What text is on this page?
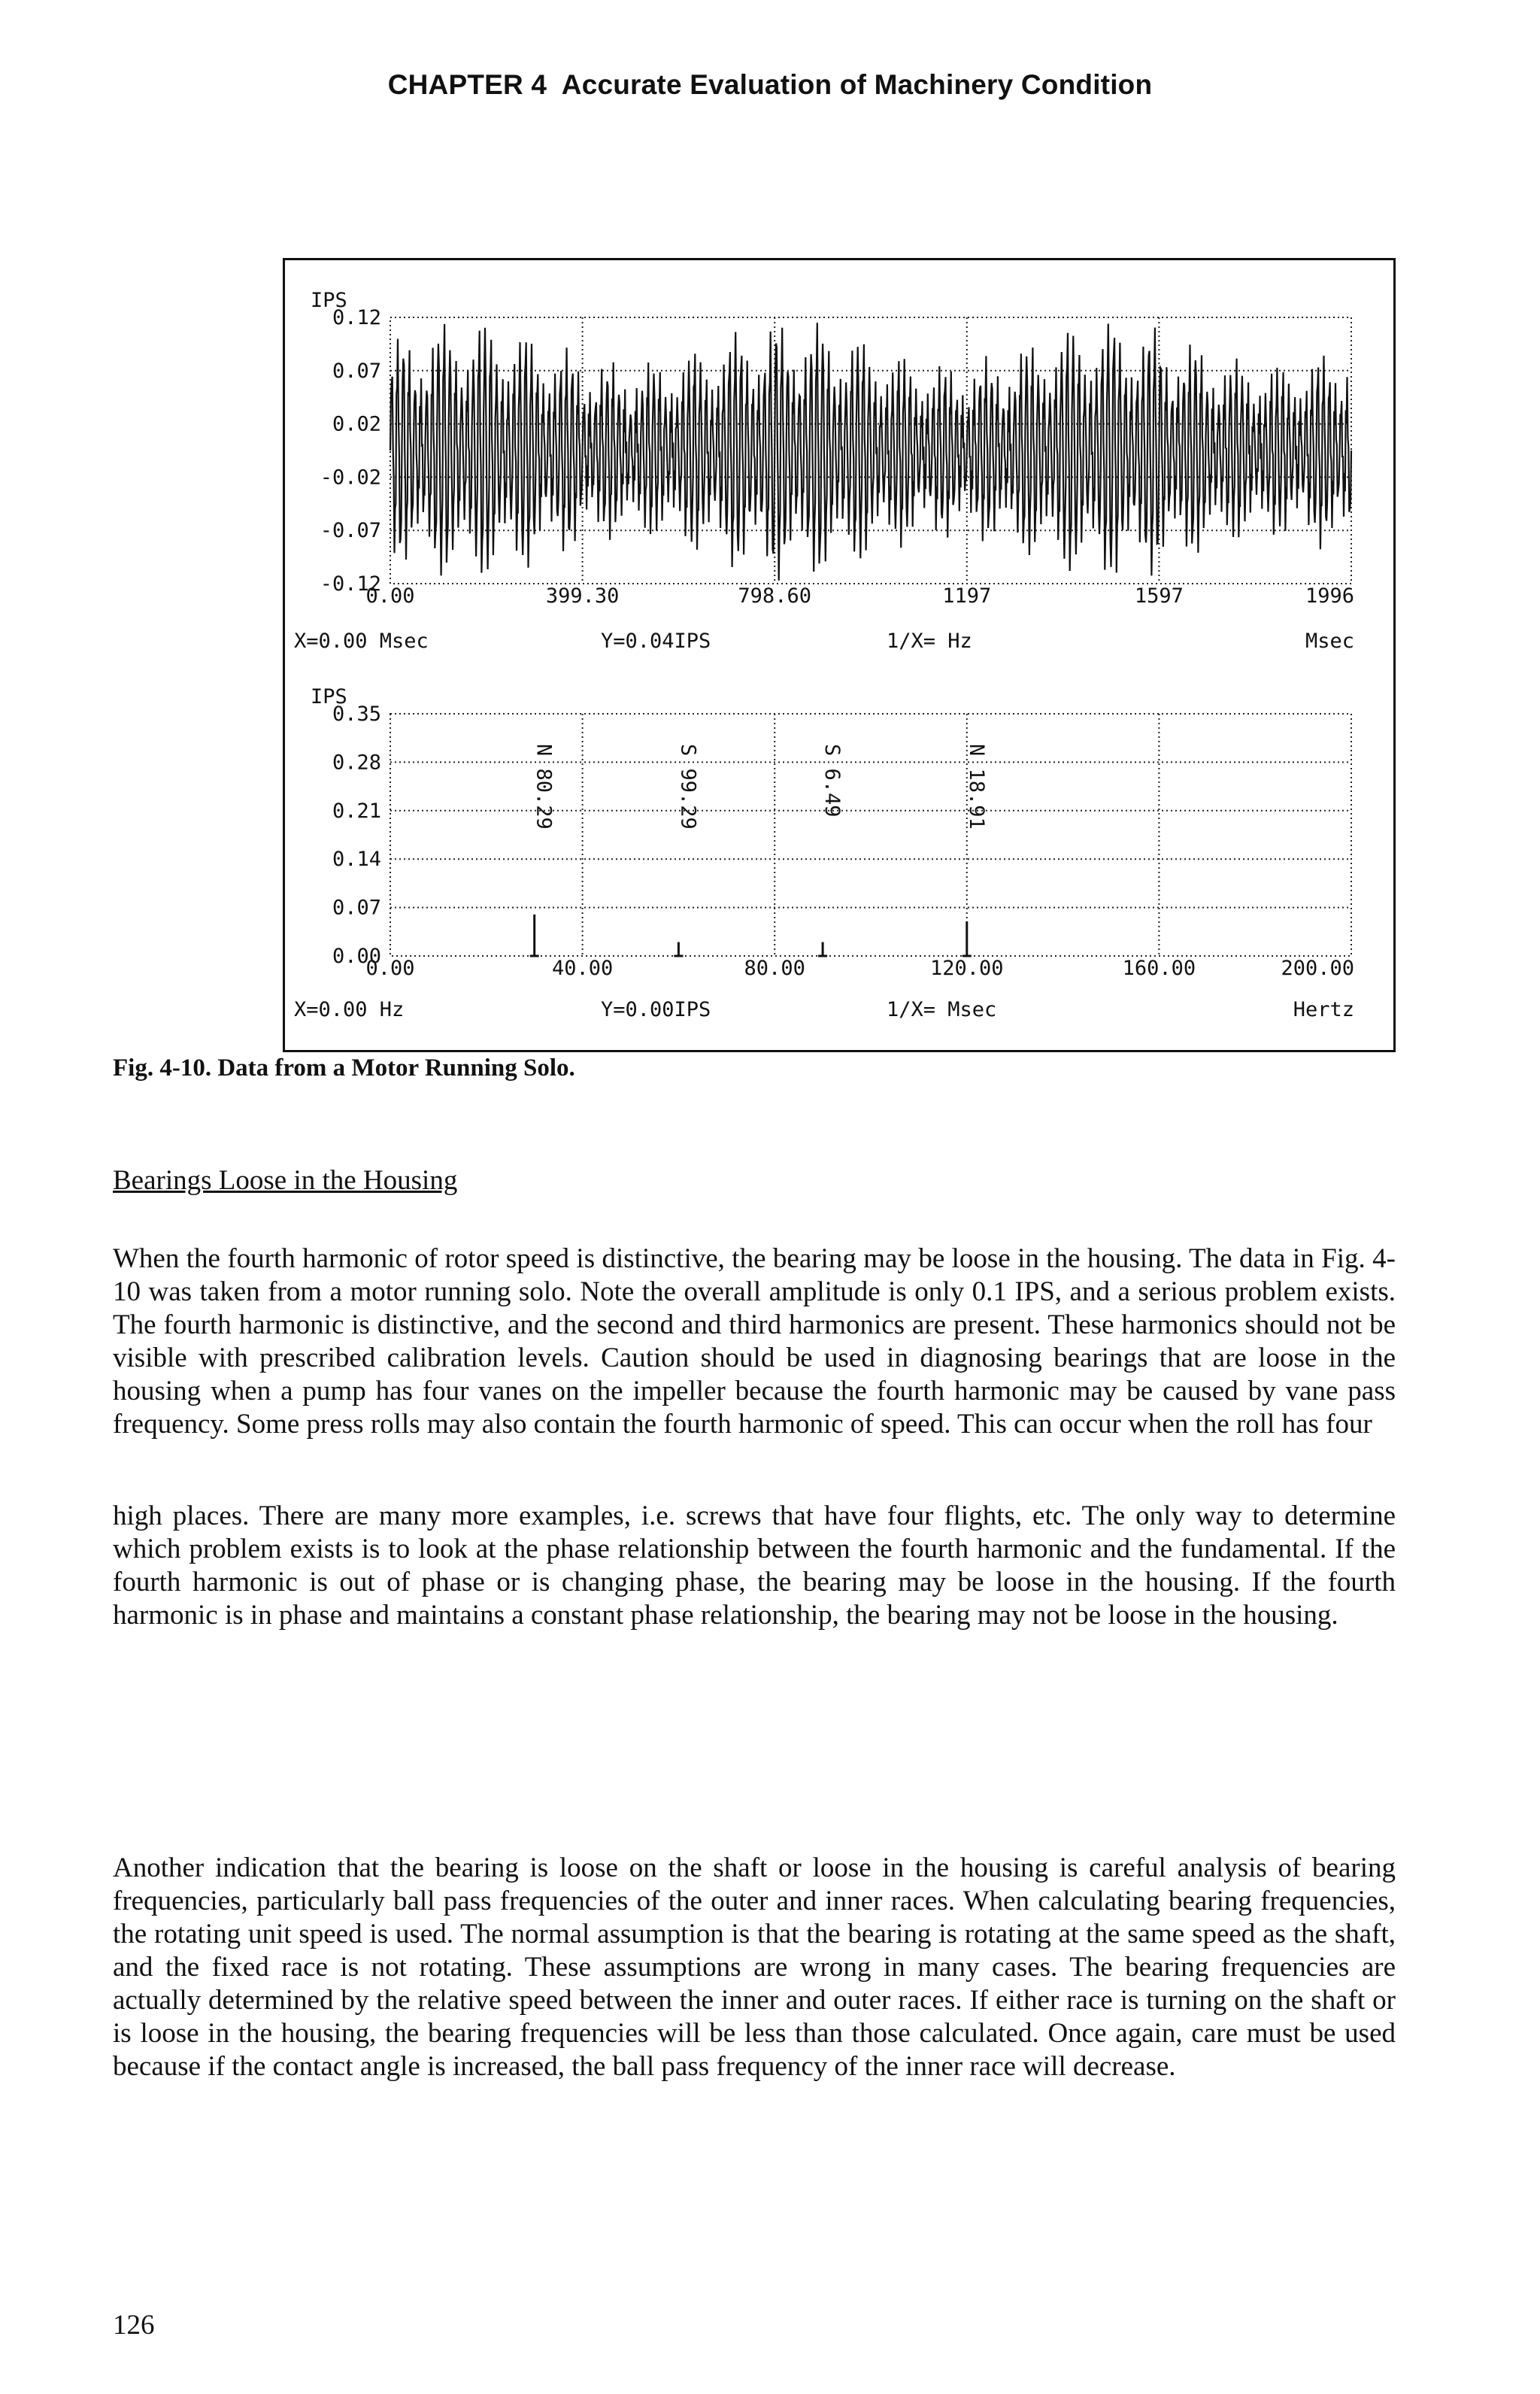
CHAPTER 4 Accurate Evaluation of Machinery Condition
IPS
0.12
0.07
0.02
-0.02
-0.07
-0.12
0.00	399.30	798.60	1197	1597	1996
X=0.00 Msec	Y=0.04IPS	1/X= Hz	Msec
IPS
0.35
0.28
0.21
0.14
0.07
0.00
0.00	40.00	80.00	120.00	160.00	200.00
X=0.00 Hz	Y=0.00IPS	1/X= Msec	Hertz
N 80.29	S 99.29	S 6.49	N 18.91
Fig. 4-10. Data from a Motor Running Solo.
Bearings Loose in the Housing

When the fourth harmonic of rotor speed is distinctive, the bearing may be loose in the housing. The data in Fig. 4-10 was taken from a motor running solo. Note the overall amplitude is only 0.1 IPS, and a serious problem exists. The fourth harmonic is distinctive, and the second and third harmonics are present. These harmonics should not be visible with prescribed calibration levels. Caution should be used in diagnosing bearings that are loose in the housing when a pump has four vanes on the impeller because the fourth harmonic may be caused by vane pass frequency. Some press rolls may also contain the fourth harmonic of speed. This can occur when the roll has four

high places. There are many more examples, i.e. screws that have four flights, etc. The only way to determine which problem exists is to look at the phase relationship between the fourth harmonic and the fundamental. If the fourth harmonic is out of phase or is changing phase, the bearing may be loose in the housing. If the fourth harmonic is in phase and maintains a constant phase relationship, the bearing may not be loose in the housing.

Another indication that the bearing is loose on the shaft or loose in the housing is careful analysis of bearing frequencies, particularly ball pass frequencies of the outer and inner races. When calculating bearing frequencies, the rotating unit speed is used. The normal assumption is that the bearing is rotating at the same speed as the shaft, and the fixed race is not rotating. These assumptions are wrong in many cases. The bearing frequencies are actually determined by the relative speed between the inner and outer races. If either race is turning on the shaft or is loose in the housing, the bearing frequencies will be less than those calculated. Once again, care must be used because if the contact angle is increased, the ball pass frequency of the inner race will decrease.

126
